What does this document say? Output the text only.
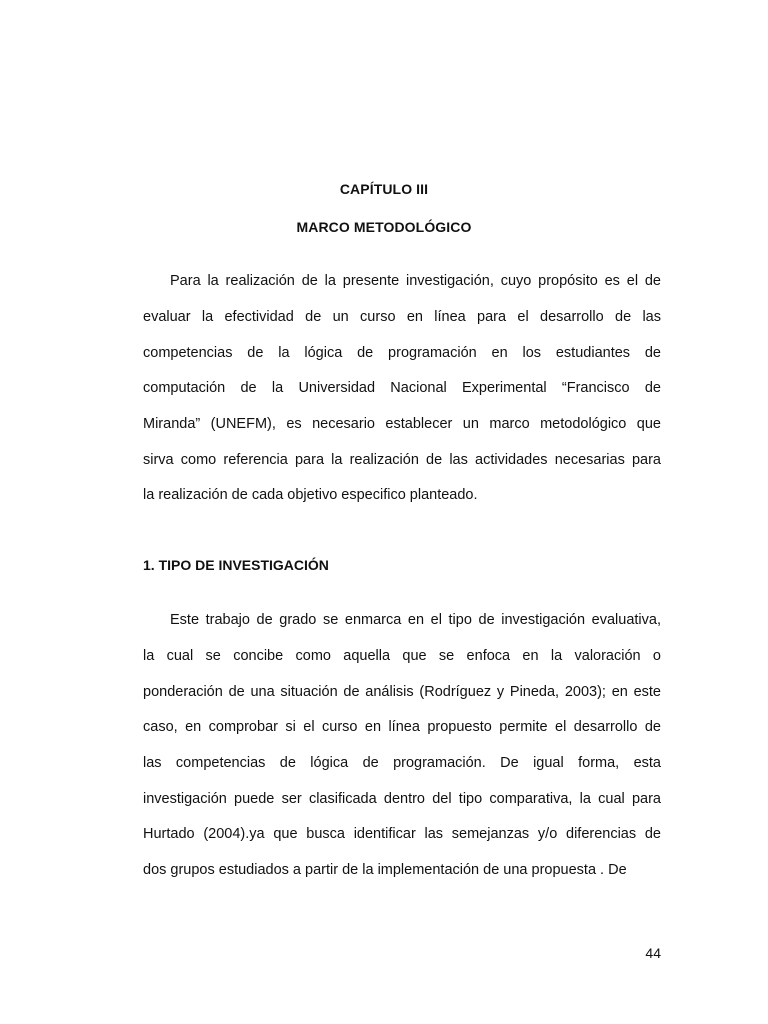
CAPÍTULO III
MARCO METODOLÓGICO
Para la realización de la presente investigación, cuyo propósito es el de
evaluar la efectividad de un curso en línea para el desarrollo de las
competencias de la lógica de programación en los estudiantes de
computación de la Universidad Nacional Experimental “Francisco de
Miranda” (UNEFM), es necesario establecer un marco metodológico que
sirva como referencia para la realización de las actividades necesarias para
la realización de cada objetivo especifico planteado.
1. TIPO DE INVESTIGACIÓN
Este trabajo de grado se enmarca en el tipo de investigación evaluativa,
la cual se concibe como aquella que se enfoca en la valoración o
ponderación de una situación de análisis (Rodríguez y Pineda, 2003); en este
caso, en comprobar si el curso en línea propuesto permite el desarrollo de
las competencias de lógica de programación. De igual forma, esta
investigación puede ser clasificada dentro del tipo comparativa, la cual para
Hurtado (2004).ya que busca identificar las semejanzas y/o diferencias de
dos grupos estudiados a partir de la implementación de una propuesta . De
44
